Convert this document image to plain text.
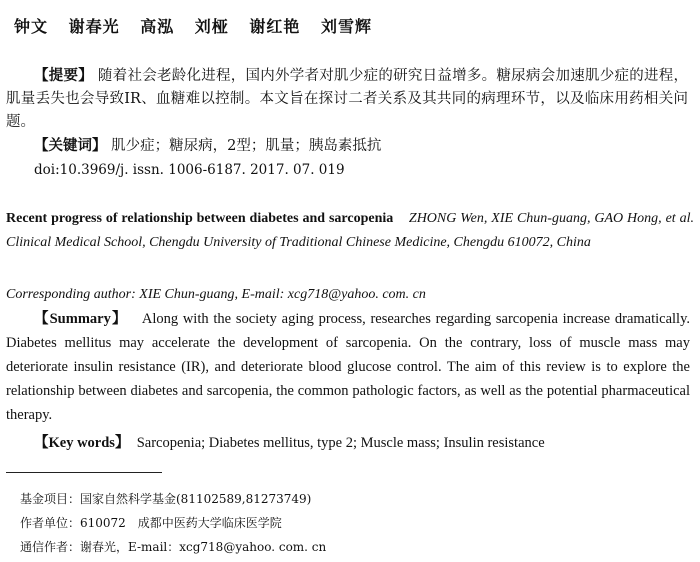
钟文 谢春光 高泓 刘桠 谢红艳 刘雪辉
【提要】 随着社会老龄化进程，国内外学者对肌少症的研究日益增多。糖尿病会加速肌少症的进程，肌量丢失也会导致IR、血糖难以控制。本文旨在探讨二者关系及其共同的病理环节，以及临床用药相关问题。
【关键词】 肌少症；糖尿病，2型；肌量；胰岛素抵抗
doi:10.3969/j. issn. 1006-6187. 2017. 07. 019
Recent progress of relationship between diabetes and sarcopenia ZHONG Wen, XIE Chun-guang, GAO Hong, et al. Clinical Medical School, Chengdu University of Traditional Chinese Medicine, Chengdu 610072, China
Corresponding author: XIE Chun-guang, E-mail: xcg718@yahoo. com. cn
【Summary】 Along with the society aging process, researches regarding sarcopenia increase dramatically. Diabetes mellitus may accelerate the development of sarcopenia. On the contrary, loss of muscle mass may deteriorate insulin resistance (IR), and deteriorate blood glucose control. The aim of this review is to explore the relationship between diabetes and sarcopenia, the common pathologic factors, as well as the potential pharmaceutical therapy.
【Key words】 Sarcopenia; Diabetes mellitus, type 2; Muscle mass; Insulin resistance
基金项目：国家自然科学基金(81102589,81273749)
作者单位：610072　成都中医药大学临床医学院
通信作者：谢春光，E-mail：xcg718@yahoo. com. cn
